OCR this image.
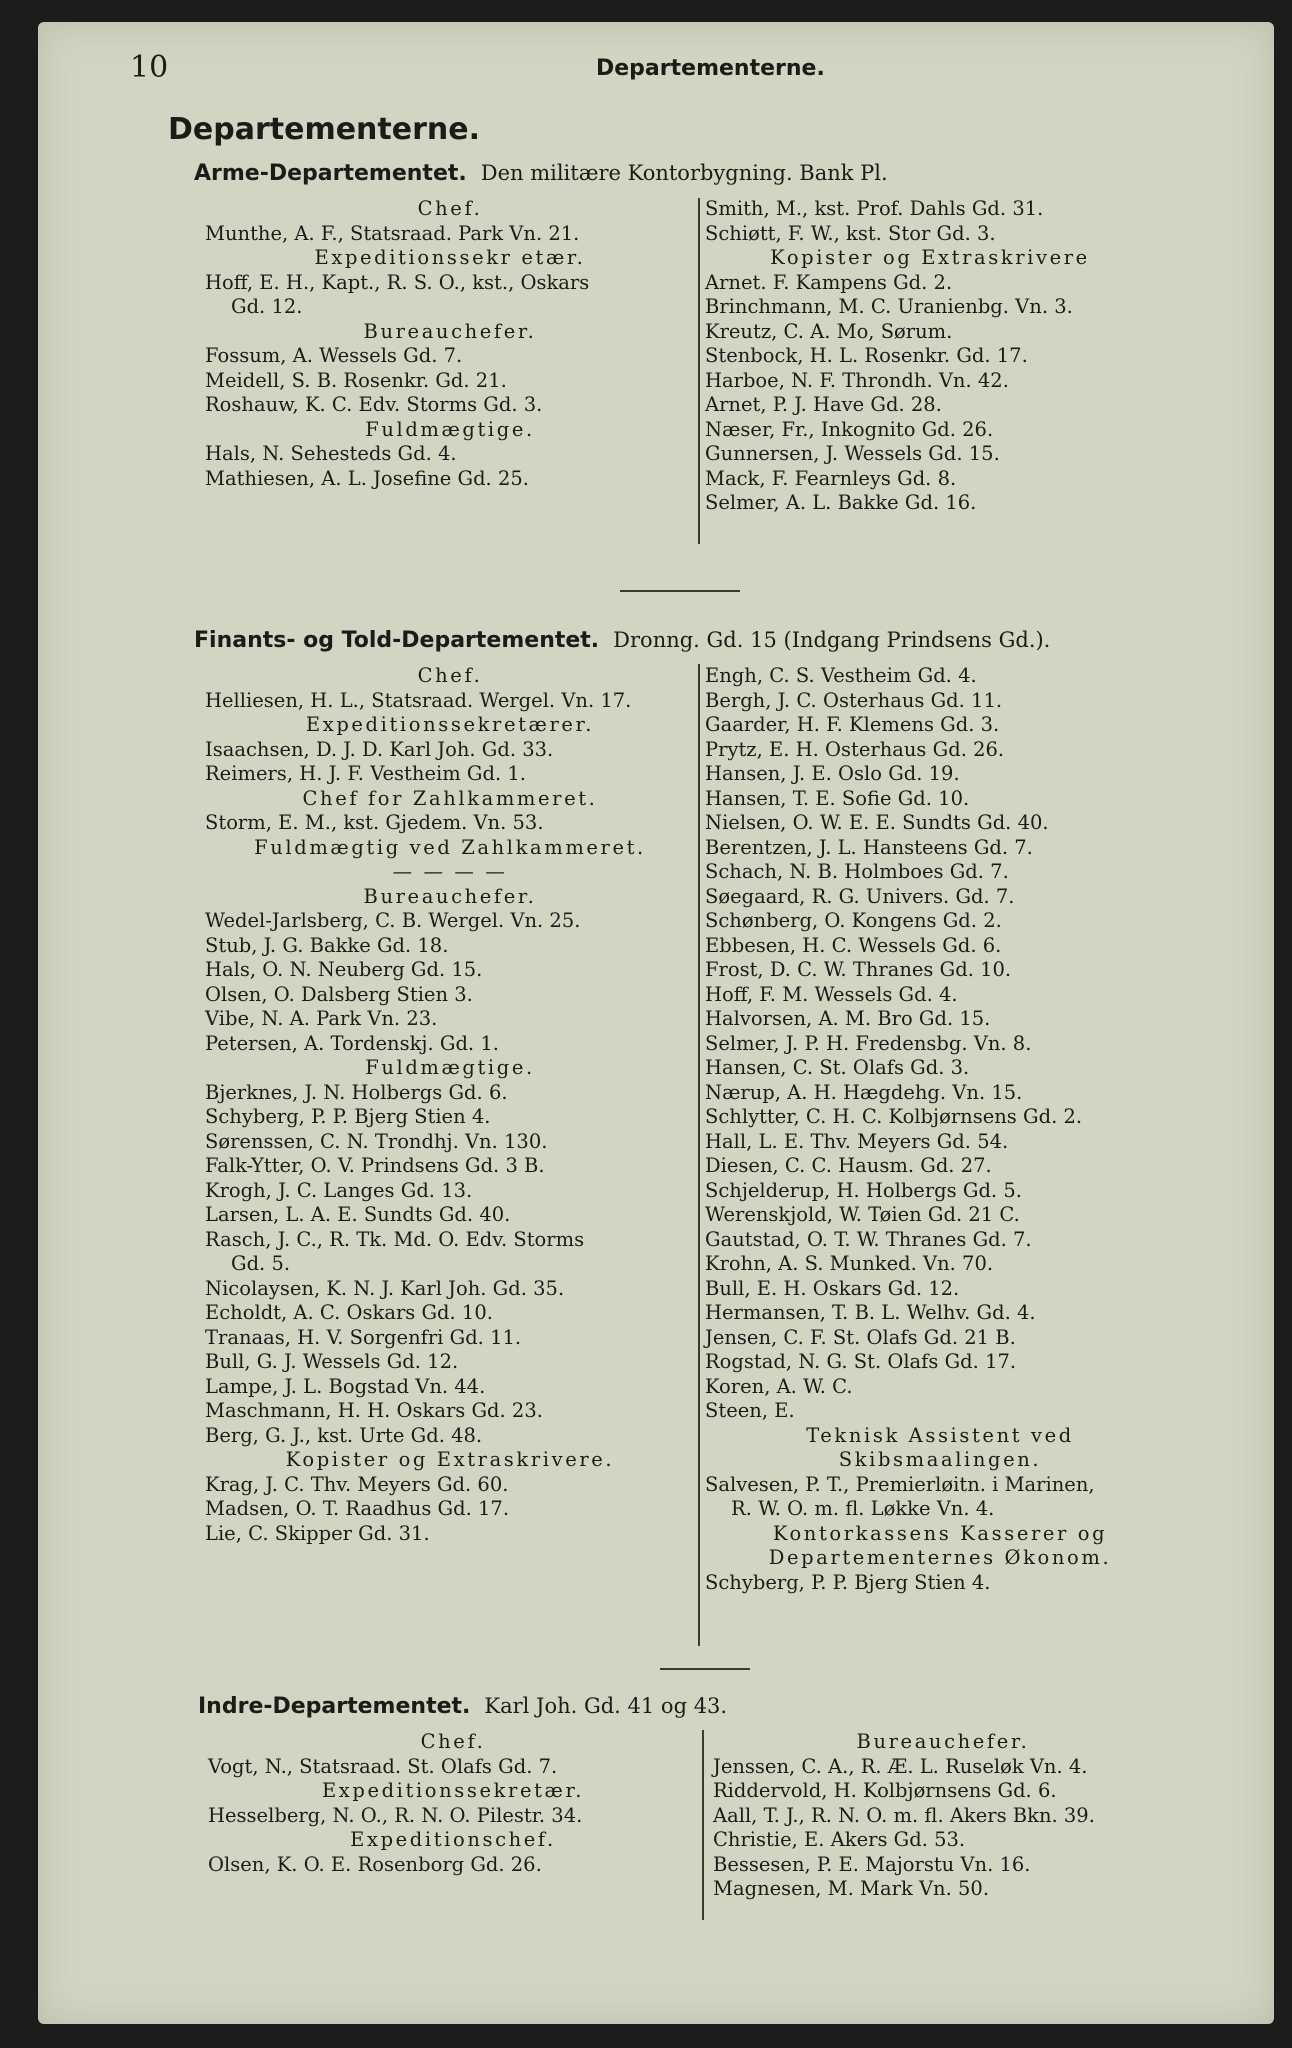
10	Departementerne.
Departementerne.
Arme-Departementet. Den militære Kontorbygning. Bank Pl.
Chef.
Munthe, A. F., Statsraad. Park Vn. 21.
Expeditionssekr etær.
Hoff, E. H., Kapt., R. S. O., kst., Oskars
Gd. 12.
Bureauchefer.
Fossum, A. Wessels Gd. 7.
Meidell, S. B. Rosenkr. Gd. 21.
Roshauw, K. C. Edv. Storms Gd. 3.
Fuldmægtige.
Hals, N. Sehesteds Gd. 4.
Mathiesen, A. L. Josefine Gd. 25.
Smith, M., kst. Prof. Dahls Gd. 31.
Schiøtt, F. W., kst. Stor Gd. 3.
Kopister og Extraskrivere
Arnet. F. Kampens Gd. 2.
Brinchmann, M. C. Uranienbg. Vn. 3.
Kreutz, C. A. Mo, Sørum.
Stenbock, H. L. Rosenkr. Gd. 17.
Harboe, N. F. Throndh. Vn. 42.
Arnet, P. J. Have Gd. 28.
Næser, Fr., Inkognito Gd. 26.
Gunnersen, J. Wessels Gd. 15.
Mack, F. Fearnleys Gd. 8.
Selmer, A. L. Bakke Gd. 16.
Finants- og Told-Departementet. Dronng. Gd. 15 (Indgang Prindsens Gd.).
Chef.
Helliesen, H. L., Statsraad. Wergel. Vn. 17.
Expeditionssekretærer.
Isaachsen, D. J. D. Karl Joh. Gd. 33.
Reimers, H. J. F. Vestheim Gd. 1.
Chef for Zahlkammeret.
Storm, E. M., kst. Gjedem. Vn. 53.
Fuldmægtig ved Zahlkammeret.
— — — —
Bureauchefer.
Wedel-Jarlsberg, C. B. Wergel. Vn. 25.
Stub, J. G. Bakke Gd. 18.
Hals, O. N. Neuberg Gd. 15.
Olsen, O. Dalsberg Stien 3.
Vibe, N. A. Park Vn. 23.
Petersen, A. Tordenskj. Gd. 1.
Fuldmægtige.
Bjerknes, J. N. Holbergs Gd. 6.
Schyberg, P. P. Bjerg Stien 4.
Sørenssen, C. N. Trondhj. Vn. 130.
Falk-Ytter, O. V. Prindsens Gd. 3 B.
Krogh, J. C. Langes Gd. 13.
Larsen, L. A. E. Sundts Gd. 40.
Rasch, J. C., R. Tk. Md. O. Edv. Storms
Gd. 5.
Nicolaysen, K. N. J. Karl Joh. Gd. 35.
Echoldt, A. C. Oskars Gd. 10.
Tranaas, H. V. Sorgenfri Gd. 11.
Bull, G. J. Wessels Gd. 12.
Lampe, J. L. Bogstad Vn. 44.
Maschmann, H. H. Oskars Gd. 23.
Berg, G. J., kst. Urte Gd. 48.
Kopister og Extraskrivere.
Krag, J. C. Thv. Meyers Gd. 60.
Madsen, O. T. Raadhus Gd. 17.
Lie, C. Skipper Gd. 31.
Engh, C. S. Vestheim Gd. 4.
Bergh, J. C. Osterhaus Gd. 11.
Gaarder, H. F. Klemens Gd. 3.
Prytz, E. H. Osterhaus Gd. 26.
Hansen, J. E. Oslo Gd. 19.
Hansen, T. E. Sofie Gd. 10.
Nielsen, O. W. E. E. Sundts Gd. 40.
Berentzen, J. L. Hansteens Gd. 7.
Schach, N. B. Holmboes Gd. 7.
Søegaard, R. G. Univers. Gd. 7.
Schønberg, O. Kongens Gd. 2.
Ebbesen, H. C. Wessels Gd. 6.
Frost, D. C. W. Thranes Gd. 10.
Hoff, F. M. Wessels Gd. 4.
Halvorsen, A. M. Bro Gd. 15.
Selmer, J. P. H. Fredensbg. Vn. 8.
Hansen, C. St. Olafs Gd. 3.
Nærup, A. H. Hægdehg. Vn. 15.
Schlytter, C. H. C. Kolbjørnsens Gd. 2.
Hall, L. E. Thv. Meyers Gd. 54.
Diesen, C. C. Hausm. Gd. 27.
Schjelderup, H. Holbergs Gd. 5.
Werenskjold, W. Tøien Gd. 21 C.
Gautstad, O. T. W. Thranes Gd. 7.
Krohn, A. S. Munked. Vn. 70.
Bull, E. H. Oskars Gd. 12.
Hermansen, T. B. L. Welhv. Gd. 4.
Jensen, C. F. St. Olafs Gd. 21 B.
Rogstad, N. G. St. Olafs Gd. 17.
Koren, A. W. C.
Steen, E.
Teknisk Assistent ved
Skibsmaalingen.
Salvesen, P. T., Premierløitn. i Marinen,
R. W. O. m. fl. Løkke Vn. 4.
Kontorkassens Kasserer og
Departementernes Økonom.
Schyberg, P. P. Bjerg Stien 4.
Indre-Departementet. Karl Joh. Gd. 41 og 43.
Chef.
Vogt, N., Statsraad. St. Olafs Gd. 7.
Expeditionssekretær.
Hesselberg, N. O., R. N. O. Pilestr. 34.
Expeditionschef.
Olsen, K. O. E. Rosenborg Gd. 26.
Bureauchefer.
Jenssen, C. A., R. Æ. L. Ruseløk Vn. 4.
Riddervold, H. Kolbjørnsens Gd. 6.
Aall, T. J., R. N. O. m. fl. Akers Bkn. 39.
Christie, E. Akers Gd. 53.
Bessesen, P. E. Majorstu Vn. 16.
Magnesen, M. Mark Vn. 50.
